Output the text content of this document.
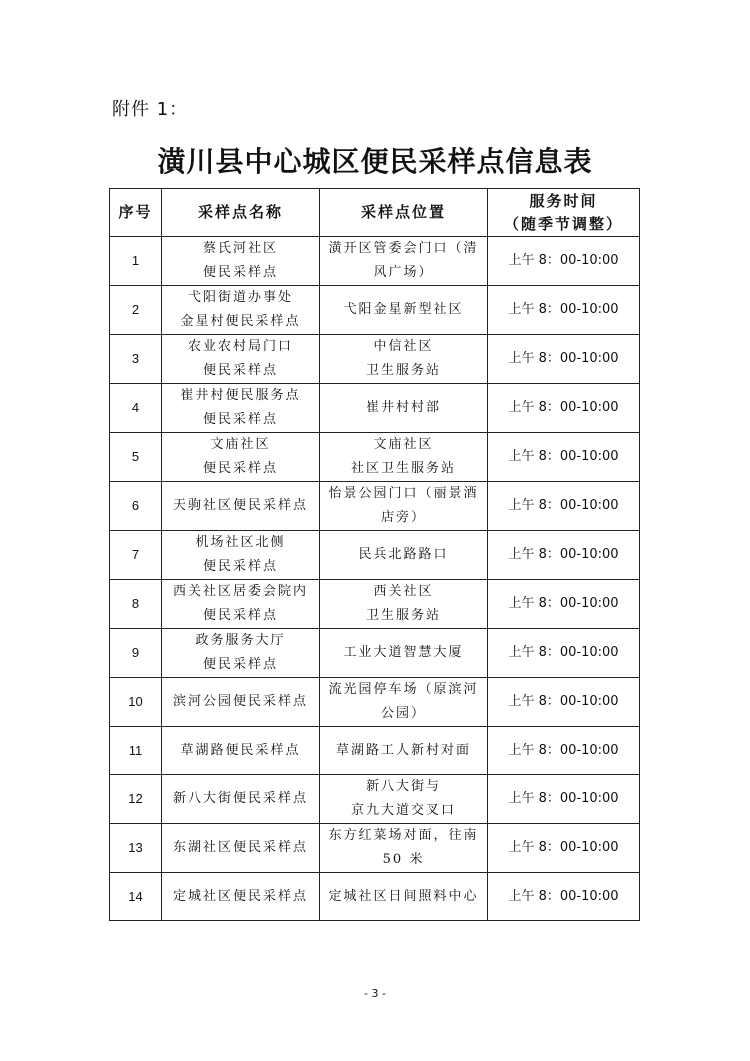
附件 1：
潢川县中心城区便民采样点信息表
序号	采样点名称	采样点位置	服务时间
（随季节调整）

1	蔡氏河社区
便民采样点	潢开区管委会门口（清
风广场）	上午 8：00-10:00
2	弋阳街道办事处
金星村便民采样点	弋阳金星新型社区	上午 8：00-10:00
3	农业农村局门口
便民采样点	中信社区
卫生服务站	上午 8：00-10:00
4	崔井村便民服务点
便民采样点	崔井村村部	上午 8：00-10:00
5	文庙社区
便民采样点	文庙社区
社区卫生服务站	上午 8：00-10:00
6	天驹社区便民采样点	怡景公园门口（丽景酒
店旁）	上午 8：00-10:00
7	机场社区北侧
便民采样点	民兵北路路口	上午 8：00-10:00
8	西关社区居委会院内
便民采样点	西关社区
卫生服务站	上午 8：00-10:00
9	政务服务大厅
便民采样点	工业大道智慧大厦	上午 8：00-10:00
10	滨河公园便民采样点	流光园停车场（原滨河
公园）	上午 8：00-10:00
11	草湖路便民采样点	草湖路工人新村对面	上午 8：00-10:00
12	新八大街便民采样点	新八大街与
京九大道交叉口	上午 8：00-10:00
13	东湖社区便民采样点	东方红菜场对面，往南
50 米	上午 8：00-10:00
14	定城社区便民采样点	定城社区日间照料中心	上午 8：00-10:00
- 3 -
